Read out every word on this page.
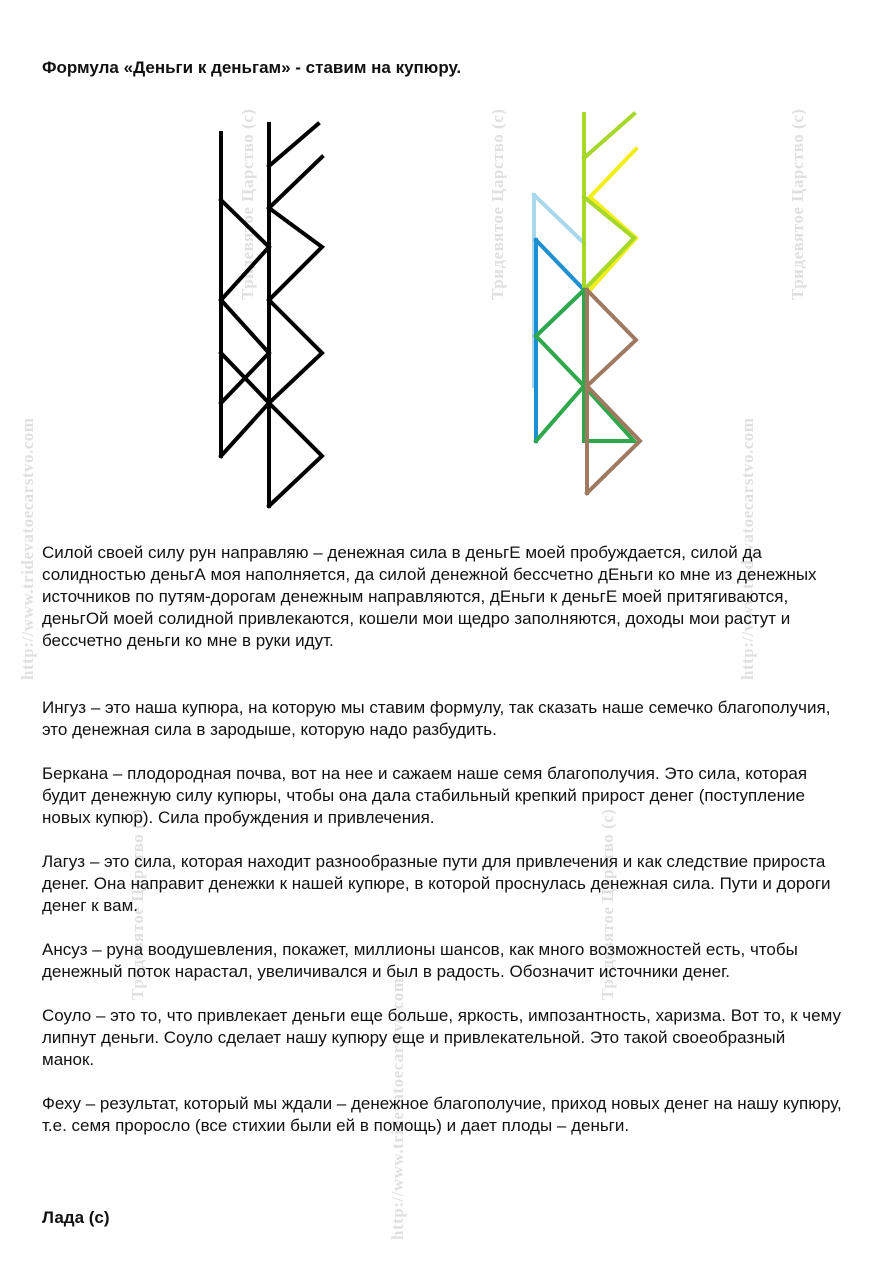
Тридевятое Царство (с)	Тридевятое Царство (с)	Тридевятое Царство (с)
http://www.tridevatoecarstvo.com	http://www.tridevatoecarstvo.com
Тридевятое Царство (с)	Тридевятое Царство (с)
http://www.tridevatoecarstvo.com
Формула «Деньги к деньгам» - ставим на купюру.

Силой своей силу рун направляю – денежная сила в деньгЕ моей пробуждается, силой да солидностью деньгА моя наполняется, да силой денежной бессчетно дЕньги ко мне из денежных источников по путям-дорогам денежным направляются, дЕньги к деньгЕ моей притягиваются, деньгОй моей солидной привлекаются, кошели мои щедро заполняются, доходы мои растут и бессчетно деньги ко мне в руки идут.

Ингуз – это наша купюра, на которую мы ставим формулу, так сказать наше семечко благополучия, это денежная сила в зародыше, которую надо разбудить.

Беркана – плодородная почва, вот на нее и сажаем наше семя благополучия. Это сила, которая будит денежную силу купюры, чтобы она дала стабильный крепкий прирост денег (поступление новых купюр). Сила пробуждения и привлечения.

Лагуз – это сила, которая находит разнообразные пути для привлечения и как следствие прироста денег. Она направит денежки к нашей купюре, в которой проснулась денежная сила. Пути и дороги денег к вам.

Ансуз – руна воодушевления, покажет, миллионы шансов, как много возможностей есть, чтобы денежный поток нарастал, увеличивался и был в радость. Обозначит источники денег.

Соуло – это то, что привлекает деньги еще больше, яркость, импозантность, харизма. Вот то, к чему липнут деньги. Соуло сделает нашу купюру еще и привлекательной. Это такой своеобразный манок.

Феху – результат, который мы ждали – денежное благополучие, приход новых денег на нашу купюру, т.е. семя проросло (все стихии были ей в помощь) и дает плоды – деньги.

Лада (с)
